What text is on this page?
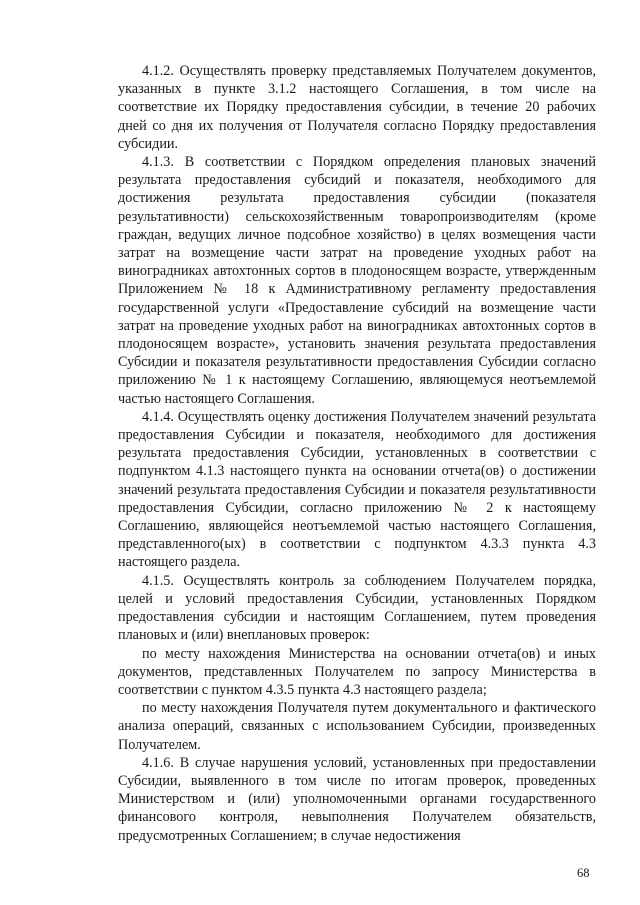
4.1.2. Осуществлять проверку представляемых Получателем документов, указанных в пункте 3.1.2 настоящего Соглашения, в том числе на соответствие их Порядку предоставления субсидии, в течение 20 рабочих дней со дня их получения от Получателя согласно Порядку предоставления субсидии.

4.1.3. В соответствии с Порядком определения плановых значений результата предоставления субсидий и показателя, необходимого для достижения результата предоставления субсидии (показателя результативности) сельскохозяйственным товаропроизводителям (кроме граждан, ведущих личное подсобное хозяйство) в целях возмещения части затрат на возмещение части затрат на проведение уходных работ на виноградниках автохтонных сортов в плодоносящем возрасте, утвержденным Приложением № 18 к Административному регламенту предоставления государственной услуги «Предоставление субсидий на возмещение части затрат на проведение уходных работ на виноградниках автохтонных сортов в плодоносящем возрасте», установить значения результата предоставления Субсидии и показателя результативности предоставления Субсидии согласно приложению № 1 к настоящему Соглашению, являющемуся неотъемлемой частью настоящего Соглашения.

4.1.4. Осуществлять оценку достижения Получателем значений результата предоставления Субсидии и показателя, необходимого для достижения результата предоставления Субсидии, установленных в соответствии с подпунктом 4.1.3 настоящего пункта на основании отчета(ов) о достижении значений результата предоставления Субсидии и показателя результативности предоставления Субсидии, согласно приложению № 2 к настоящему Соглашению, являющейся неотъемлемой частью настоящего Соглашения, представленного(ых) в соответствии с подпунктом 4.3.3 пункта 4.3 настоящего раздела.

4.1.5. Осуществлять контроль за соблюдением Получателем порядка, целей и условий предоставления Субсидии, установленных Порядком предоставления субсидии и настоящим Соглашением, путем проведения плановых и (или) внеплановых проверок:

по месту нахождения Министерства на основании отчета(ов) и иных документов, представленных Получателем по запросу Министерства в соответствии с пунктом 4.3.5 пункта 4.3 настоящего раздела;

по месту нахождения Получателя путем документального и фактического анализа операций, связанных с использованием Субсидии, произведенных Получателем.

4.1.6. В случае нарушения условий, установленных при предоставлении Субсидии, выявленного в том числе по итогам проверок, проведенных Министерством и (или) уполномоченными органами государственного финансового контроля, невыполнения Получателем обязательств, предусмотренных Соглашением; в случае недостижения

68
